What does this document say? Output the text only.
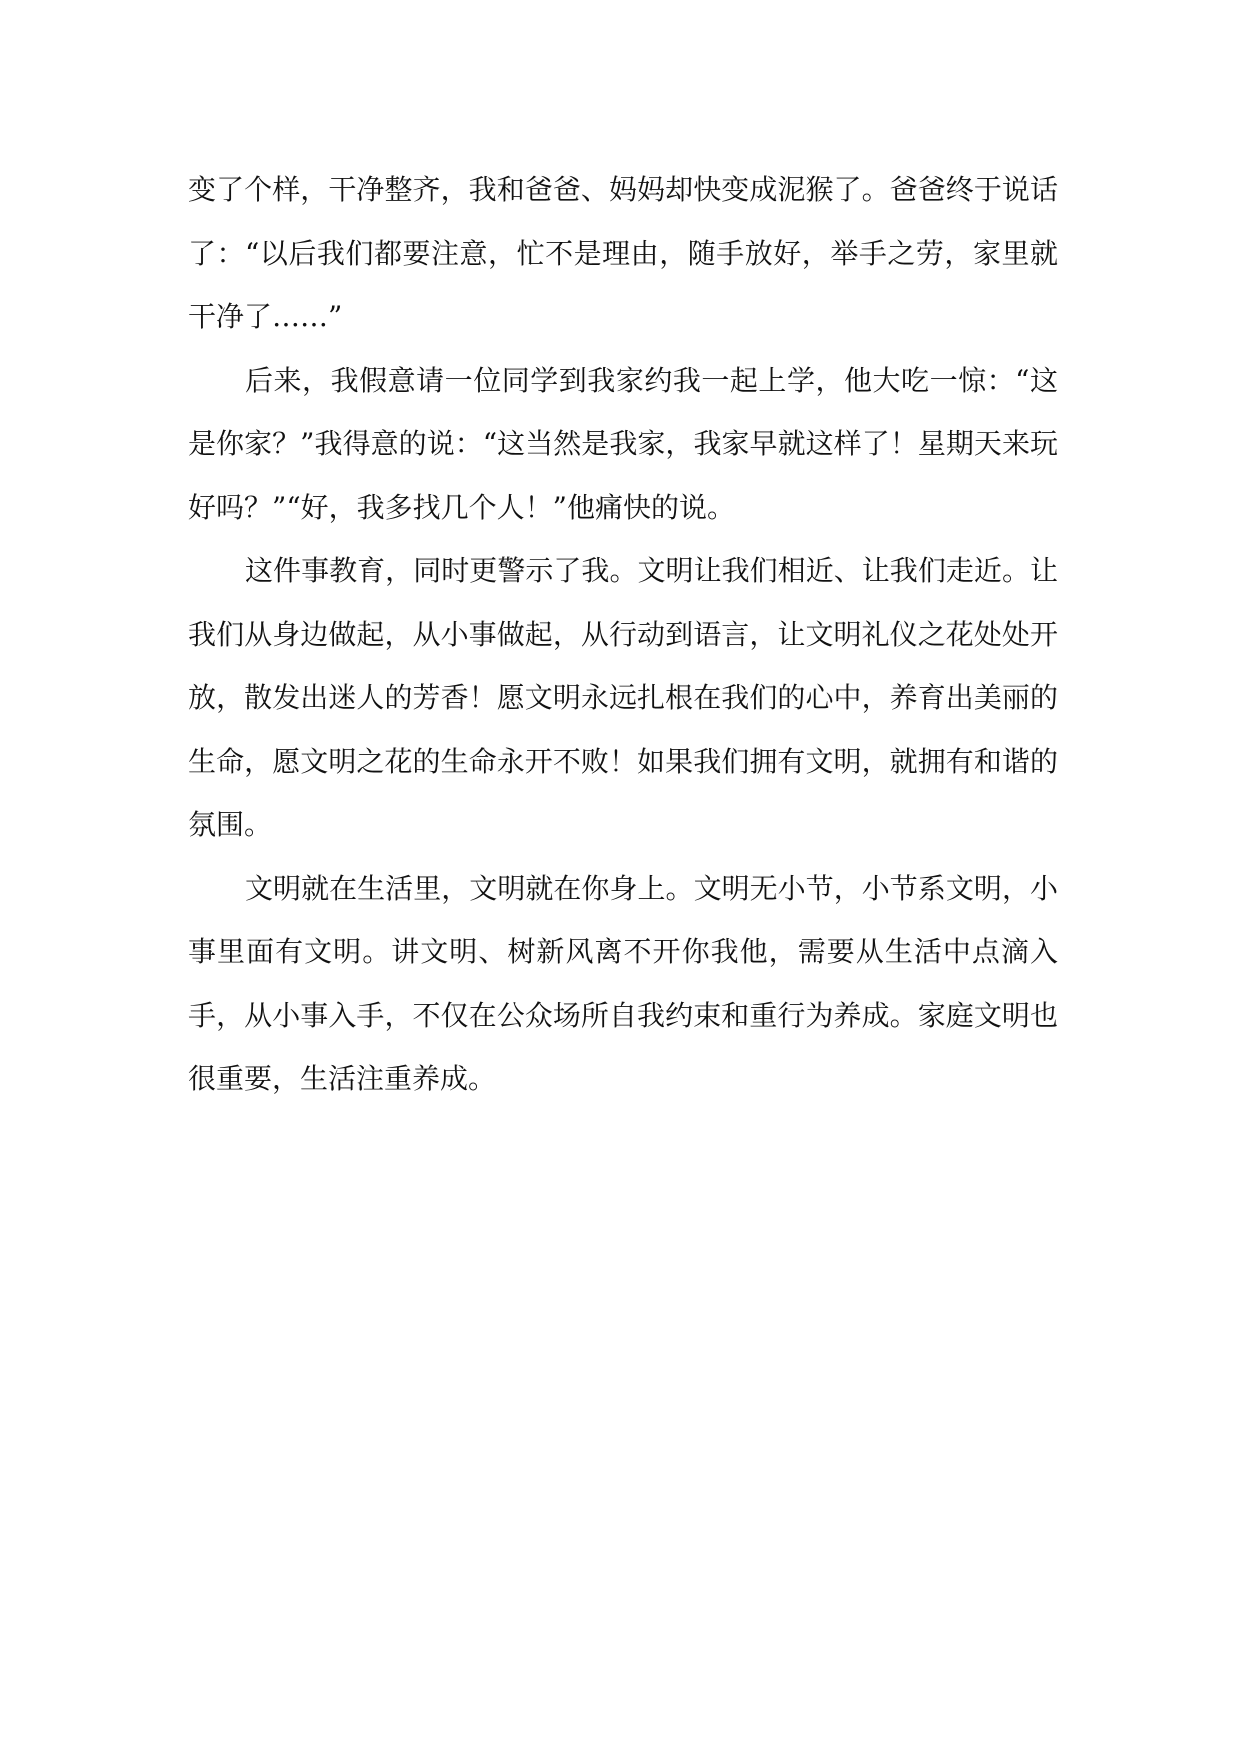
变了个样，干净整齐，我和爸爸、妈妈却快变成泥猴了。爸爸终于说话了：“以后我们都要注意，忙不是理由，随手放好，举手之劳，家里就干净了……”

后来，我假意请一位同学到我家约我一起上学，他大吃一惊：“这是你家？”我得意的说：“这当然是我家，我家早就这样了！星期天来玩好吗？”“好，我多找几个人！”他痛快的说。

这件事教育，同时更警示了我。文明让我们相近、让我们走近。让我们从身边做起，从小事做起，从行动到语言，让文明礼仪之花处处开放，散发出迷人的芳香！愿文明永远扎根在我们的心中，养育出美丽的生命，愿文明之花的生命永开不败！如果我们拥有文明，就拥有和谐的氛围。

文明就在生活里，文明就在你身上。文明无小节，小节系文明，小事里面有文明。讲文明、树新风离不开你我他，需要从生活中点滴入手，从小事入手，不仅在公众场所自我约束和重行为养成。家庭文明也很重要，生活注重养成。
